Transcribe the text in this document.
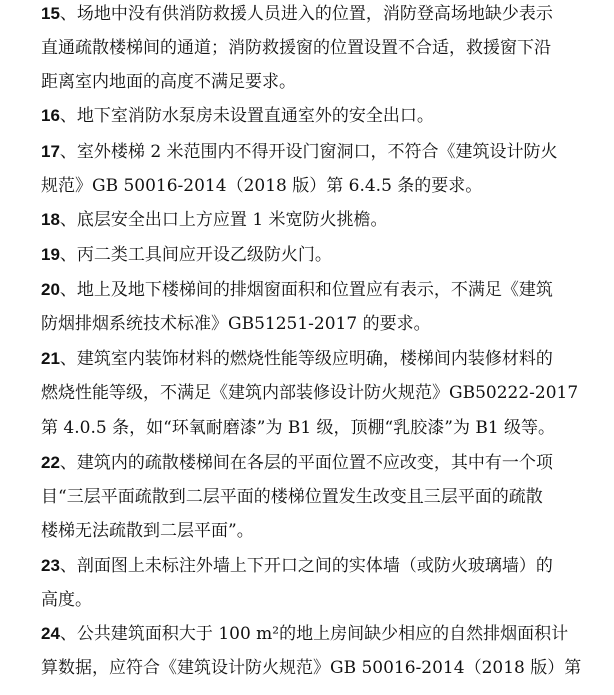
15、场地中没有供消防救援人员进入的位置，消防登高场地缺少表示
直通疏散楼梯间的通道；消防救援窗的位置设置不合适，救援窗下沿
距离室内地面的高度不满足要求。
16、地下室消防水泵房未设置直通室外的安全出口。
17、室外楼梯 2 米范围内不得开设门窗洞口，不符合《建筑设计防火
规范》GB 50016-2014（2018 版）第 6.4.5 条的要求。
18、底层安全出口上方应置 1 米宽防火挑檐。
19、丙二类工具间应开设乙级防火门。
20、地上及地下楼梯间的排烟窗面积和位置应有表示，不满足《建筑
防烟排烟系统技术标准》GB51251-2017 的要求。
21、建筑室内装饰材料的燃烧性能等级应明确，楼梯间内装修材料的
燃烧性能等级，不满足《建筑内部装修设计防火规范》GB50222-2017
第 4.0.5 条，如“环氧耐磨漆”为 B1 级，顶棚“乳胶漆”为 B1 级等。
22、建筑内的疏散楼梯间在各层的平面位置不应改变，其中有一个项
目“三层平面疏散到二层平面的楼梯位置发生改变且三层平面的疏散
楼梯无法疏散到二层平面”。
23、剖面图上未标注外墙上下开口之间的实体墙（或防火玻璃墙）的
高度。
24、公共建筑面积大于 100 m²的地上房间缺少相应的自然排烟面积计
算数据，应符合《建筑设计防火规范》GB 50016-2014（2018 版）第
